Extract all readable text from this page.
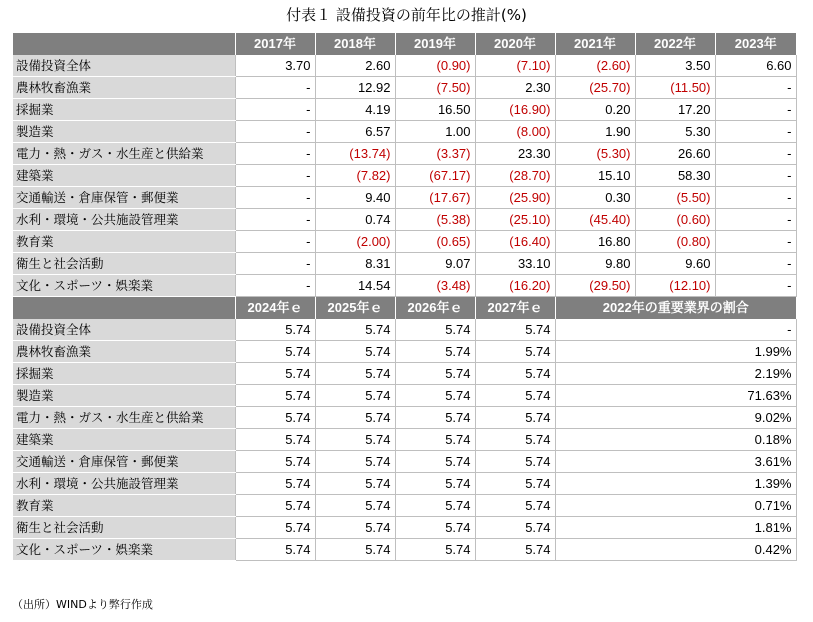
付表１ 設備投資の前年比の推計(%)
	2017年	2018年	2019年	2020年	2021年	2022年	2023年
設備投資全体	3.70	2.60	(0.90)	(7.10)	(2.60)	3.50	6.60
農林牧畜漁業	-	12.92	(7.50)	2.30	(25.70)	(11.50)	-
採掘業	-	4.19	16.50	(16.90)	0.20	17.20	-
製造業	-	6.57	1.00	(8.00)	1.90	5.30	-
電力・熱・ガス・水生産と供給業	-	(13.74)	(3.37)	23.30	(5.30)	26.60	-
建築業	-	(7.82)	(67.17)	(28.70)	15.10	58.30	-
交通輸送・倉庫保管・郵便業	-	9.40	(17.67)	(25.90)	0.30	(5.50)	-
水利・環境・公共施設管理業	-	0.74	(5.38)	(25.10)	(45.40)	(0.60)	-
教育業	-	(2.00)	(0.65)	(16.40)	16.80	(0.80)	-
衛生と社会活動	-	8.31	9.07	33.10	9.80	9.60	-
文化・スポーツ・娯楽業	-	14.54	(3.48)	(16.20)	(29.50)	(12.10)	-
	2024年ｅ	2025年ｅ	2026年ｅ	2027年ｅ	2022年の重要業界の割合		
設備投資全体	5.74	5.74	5.74	5.74	-		
農林牧畜漁業	5.74	5.74	5.74	5.74	1.99%		
採掘業	5.74	5.74	5.74	5.74	2.19%		
製造業	5.74	5.74	5.74	5.74	71.63%		
電力・熱・ガス・水生産と供給業	5.74	5.74	5.74	5.74	9.02%		
建築業	5.74	5.74	5.74	5.74	0.18%		
交通輸送・倉庫保管・郵便業	5.74	5.74	5.74	5.74	3.61%		
水利・環境・公共施設管理業	5.74	5.74	5.74	5.74	1.39%		
教育業	5.74	5.74	5.74	5.74	0.71%		
衛生と社会活動	5.74	5.74	5.74	5.74	1.81%		
文化・スポーツ・娯楽業	5.74	5.74	5.74	5.74	0.42%		
（出所）WINDより弊行作成
